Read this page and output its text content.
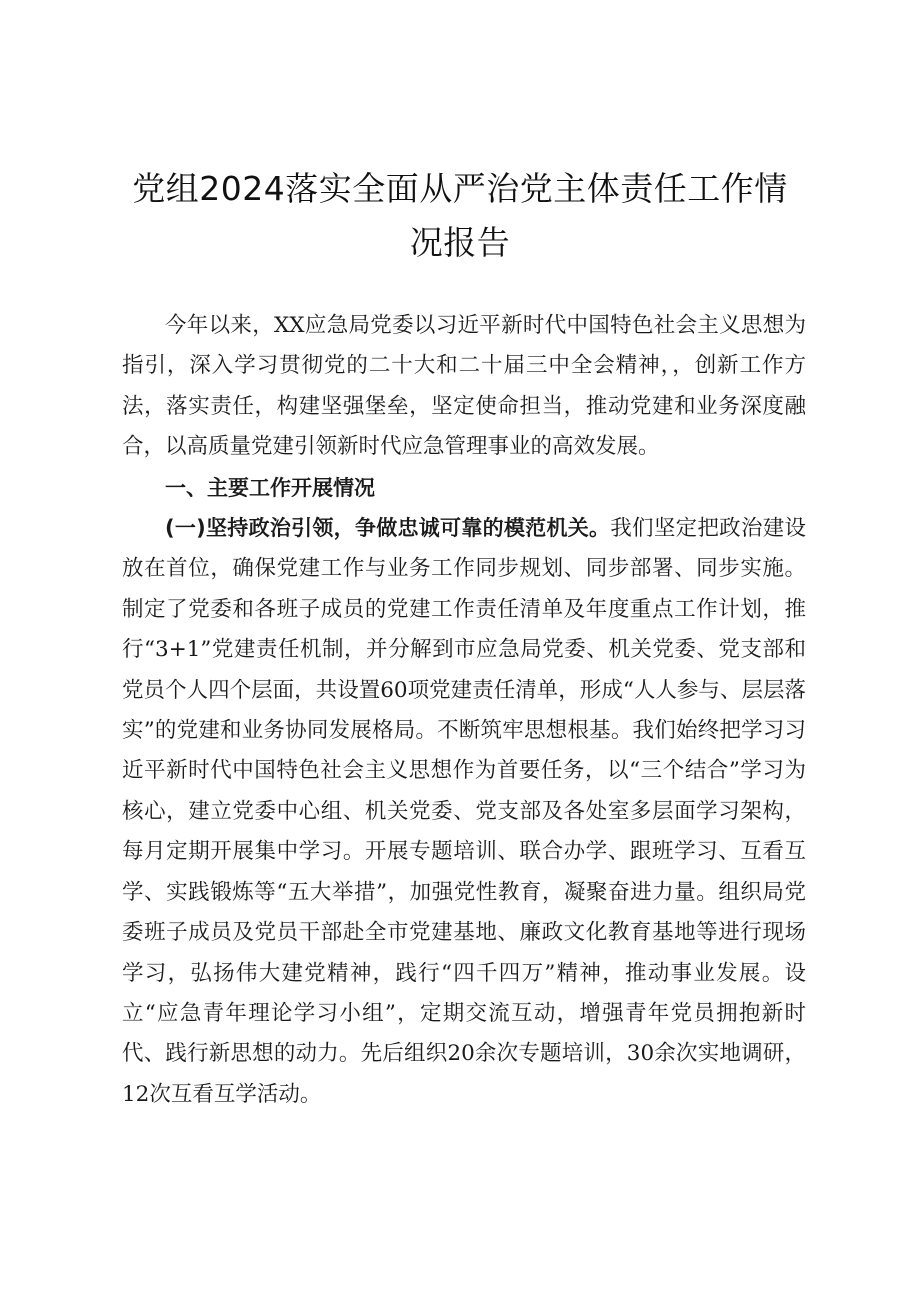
党组2024落实全面从严治党主体责任工作情
况报告

今年以来，XX应急局党委以习近平新时代中国特色社会主义思想为指引，深入学习贯彻党的二十大和二十届三中全会精神，，创新工作方法，落实责任，构建坚强堡垒，坚定使命担当，推动党建和业务深度融合，以高质量党建引领新时代应急管理事业的高效发展。

一、主要工作开展情况

(一)坚持政治引领，争做忠诚可靠的模范机关。我们坚定把政治建设放在首位，确保党建工作与业务工作同步规划、同步部署、同步实施。制定了党委和各班子成员的党建工作责任清单及年度重点工作计划，推行“3+1”党建责任机制，并分解到市应急局党委、机关党委、党支部和党员个人四个层面，共设置60项党建责任清单，形成“人人参与、层层落实”的党建和业务协同发展格局。不断筑牢思想根基。我们始终把学习习近平新时代中国特色社会主义思想作为首要任务，以“三个结合”学习为核心，建立党委中心组、机关党委、党支部及各处室多层面学习架构，每月定期开展集中学习。开展专题培训、联合办学、跟班学习、互看互学、实践锻炼等“五大举措”，加强党性教育，凝聚奋进力量。组织局党委班子成员及党员干部赴全市党建基地、廉政文化教育基地等进行现场学习，弘扬伟大建党精神，践行“四千四万”精神，推动事业发展。设立“应急青年理论学习小组”，定期交流互动，增强青年党员拥抱新时代、践行新思想的动力。先后组织20余次专题培训，30余次实地调研，12次互看互学活动。
